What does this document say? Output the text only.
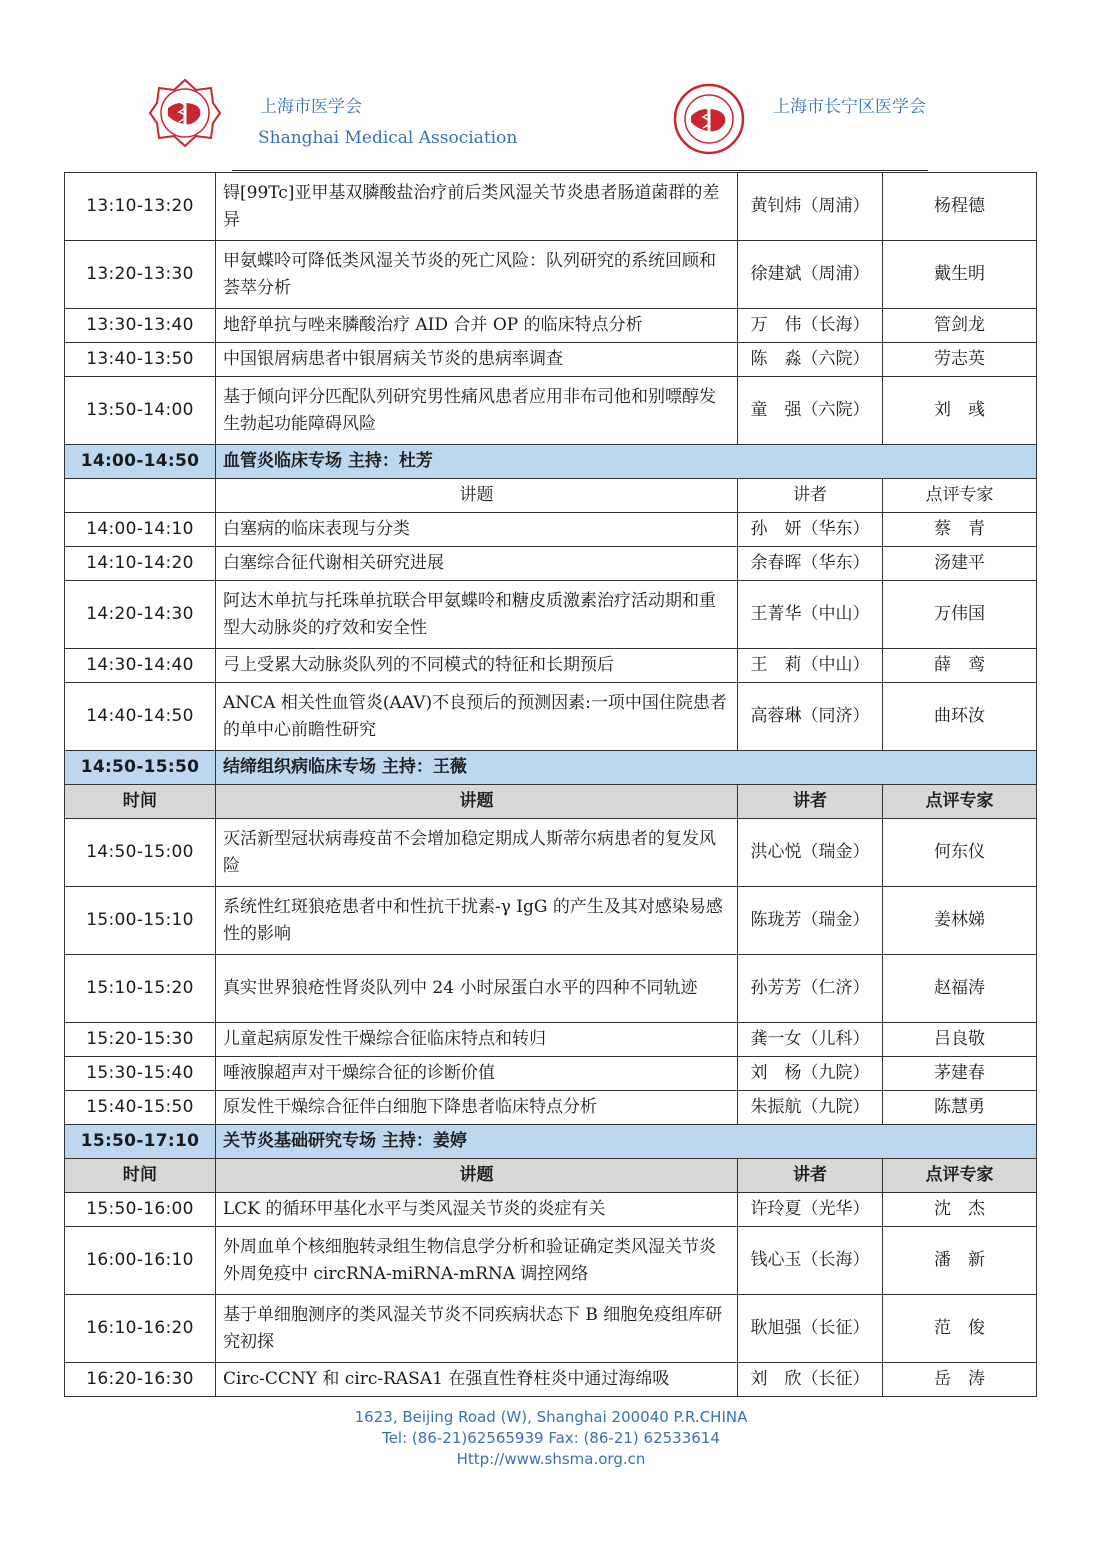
上海市医学会
Shanghai Medical Association
上海市长宁区医学会
13:10-13:20	锝[99Tc]亚甲基双膦酸盐治疗前后类风湿关节炎患者肠道菌群的差异	黄钊炜（周浦）	杨程德
13:20-13:30	甲氨蝶呤可降低类风湿关节炎的死亡风险：队列研究的系统回顾和荟萃分析	徐建斌（周浦）	戴生明
13:30-13:40	地舒单抗与唑来膦酸治疗 AID 合并 OP 的临床特点分析	万　伟（长海）	管剑龙
13:40-13:50	中国银屑病患者中银屑病关节炎的患病率调查	陈　淼（六院）	劳志英
13:50-14:00	基于倾向评分匹配队列研究男性痛风患者应用非布司他和别嘌醇发生勃起功能障碍风险	童　强（六院）	刘　彧
14:00-14:50	血管炎临床专场 主持：杜芳		
	讲题	讲者	点评专家
14:00-14:10	白塞病的临床表现与分类	孙　妍（华东）	蔡　青
14:10-14:20	白塞综合征代谢相关研究进展	余春晖（华东）	汤建平
14:20-14:30	阿达木单抗与托珠单抗联合甲氨蝶呤和糖皮质激素治疗活动期和重型大动脉炎的疗效和安全性	王菁华（中山）	万伟国
14:30-14:40	弓上受累大动脉炎队列的不同模式的特征和长期预后	王　莉（中山）	薛　鸾
14:40-14:50	ANCA 相关性血管炎(AAV)不良预后的预测因素:一项中国住院患者的单中心前瞻性研究	高蓉琳（同济）	曲环汝
14:50-15:50	结缔组织病临床专场 主持：王薇		
时间	讲题	讲者	点评专家
14:50-15:00	灭活新型冠状病毒疫苗不会增加稳定期成人斯蒂尔病患者的复发风险	洪心悦（瑞金）	何东仪
15:00-15:10	系统性红斑狼疮患者中和性抗干扰素-γ IgG 的产生及其对感染易感性的影响	陈珑芳（瑞金）	姜林娣
15:10-15:20	真实世界狼疮性肾炎队列中 24 小时尿蛋白水平的四种不同轨迹	孙芳芳（仁济）	赵福涛
15:20-15:30	儿童起病原发性干燥综合征临床特点和转归	龚一女（儿科）	吕良敬
15:30-15:40	唾液腺超声对干燥综合征的诊断价值	刘　杨（九院）	茅建春
15:40-15:50	原发性干燥综合征伴白细胞下降患者临床特点分析	朱振航（九院）	陈慧勇
15:50-17:10	关节炎基础研究专场 主持：姜婷		
时间	讲题	讲者	点评专家
15:50-16:00	LCK 的循环甲基化水平与类风湿关节炎的炎症有关	许玲夏（光华）	沈　杰
16:00-16:10	外周血单个核细胞转录组生物信息学分析和验证确定类风湿关节炎外周免疫中 circRNA-miRNA-mRNA 调控网络	钱心玉（长海）	潘　新
16:10-16:20	基于单细胞测序的类风湿关节炎不同疾病状态下 B 细胞免疫组库研究初探	耿旭强（长征）	范　俊
16:20-16:30	Circ-CCNY 和 circ-RASA1 在强直性脊柱炎中通过海绵吸	刘　欣（长征）	岳　涛
1623, Beijing Road (W), Shanghai 200040 P.R.CHINA
Tel: (86-21)62565939 Fax: (86-21) 62533614
Http://www.shsma.org.cn
